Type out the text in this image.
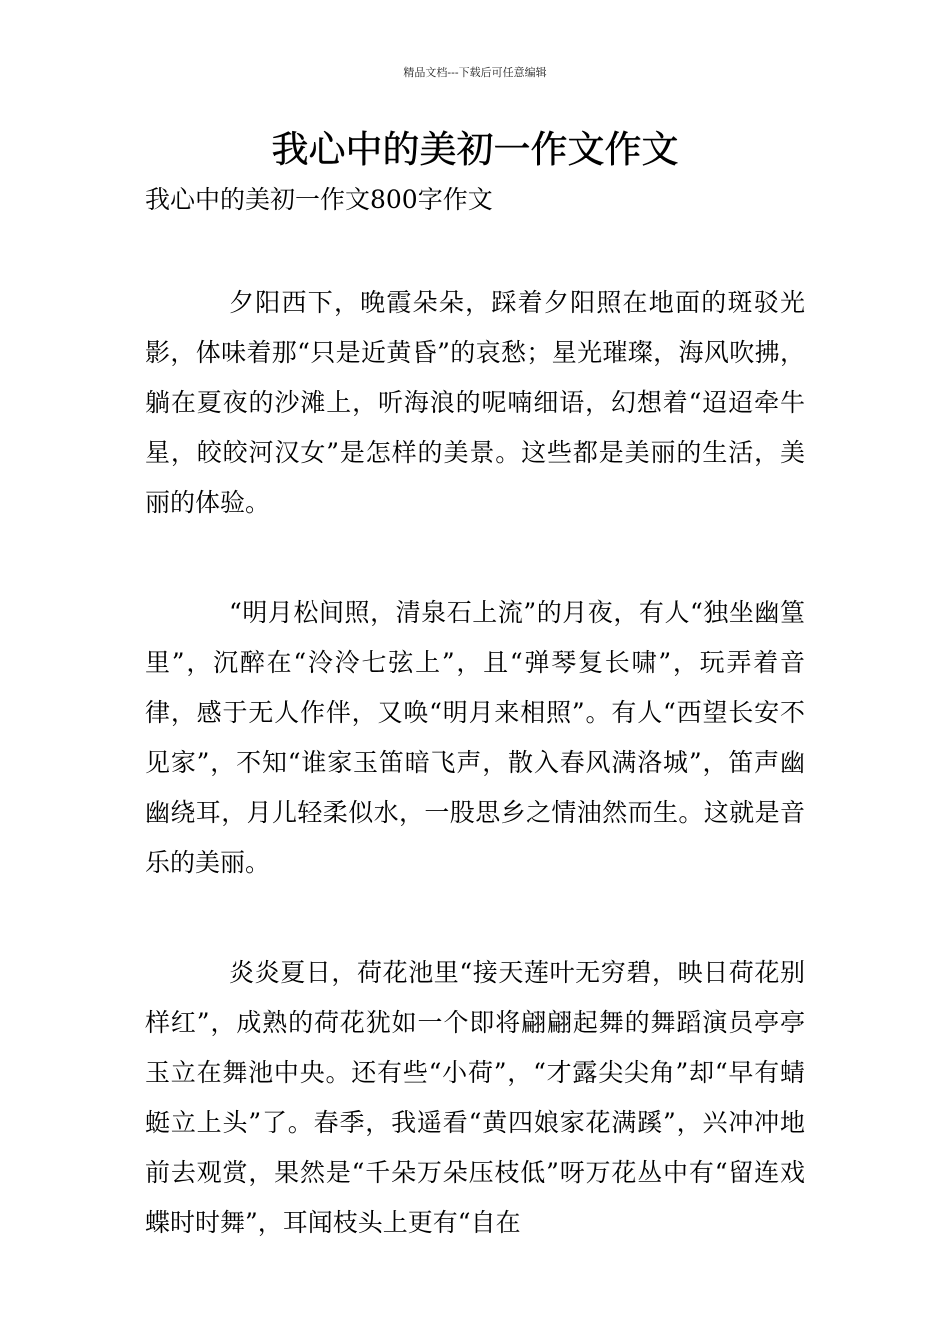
精品文档---下载后可任意编辑
我心中的美初一作文作文

我心中的美初一作文800字作文

夕阳西下，晚霞朵朵，踩着夕阳照在地面的斑驳光影，体味着那“只是近黄昏”的哀愁；星光璀璨，海风吹拂，躺在夏夜的沙滩上，听海浪的呢喃细语，幻想着“迢迢牵牛星，皎皎河汉女”是怎样的美景。这些都是美丽的生活，美丽的体验。

“明月松间照，清泉石上流”的月夜，有人“独坐幽篁里”，沉醉在“泠泠七弦上”，且“弹琴复长啸”，玩弄着音律，感于无人作伴，又唤“明月来相照”。有人“西望长安不见家”，不知“谁家玉笛暗飞声，散入春风满洛城”，笛声幽幽绕耳，月儿轻柔似水，一股思乡之情油然而生。这就是音乐的美丽。

炎炎夏日，荷花池里“接天莲叶无穷碧，映日荷花别样红”，成熟的荷花犹如一个即将翩翩起舞的舞蹈演员亭亭玉立在舞池中央。还有些“小荷”，“才露尖尖角”却“早有蜻蜓立上头”了。春季，我遥看“黄四娘家花满蹊”，兴冲冲地前去观赏，果然是“千朵万朵压枝低”呀万花丛中有“留连戏蝶时时舞”，耳闻枝头上更有“自在
